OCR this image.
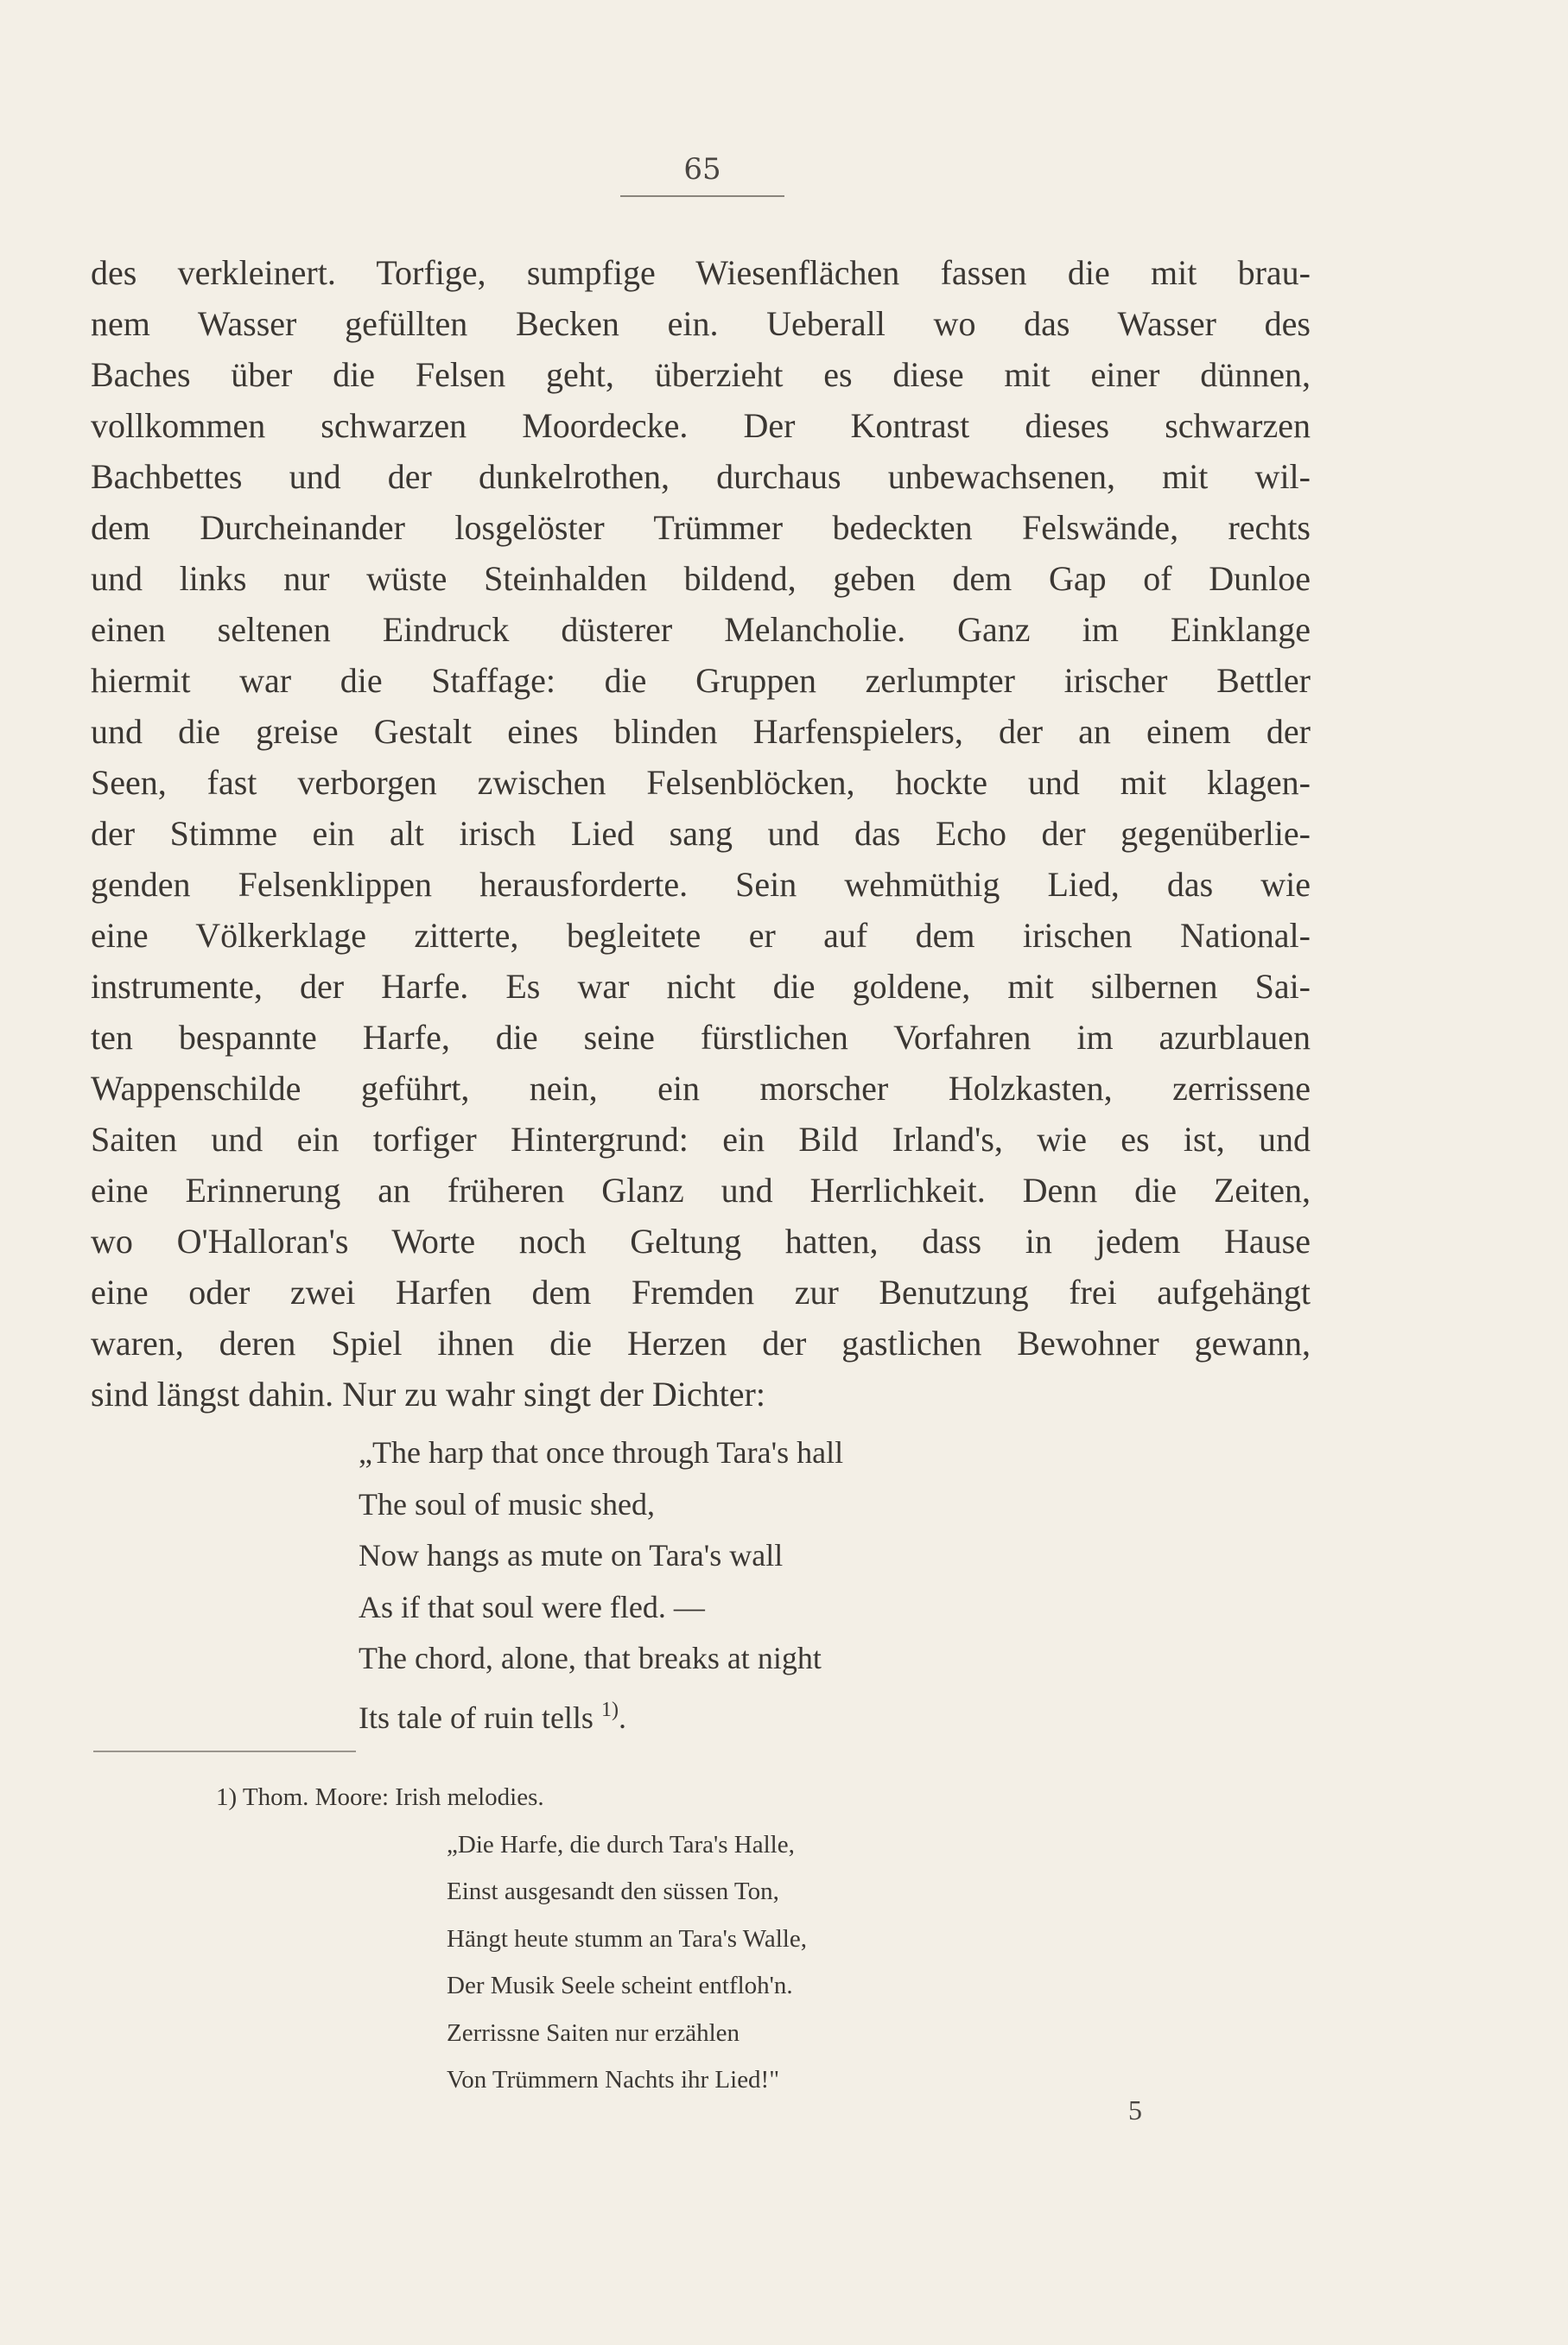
65
des verkleinert. Torfige, sumpfige Wiesenflächen fassen die mit brau-
nem Wasser gefüllten Becken ein. Ueberall wo das Wasser des
Baches über die Felsen geht, überzieht es diese mit einer dünnen,
vollkommen schwarzen Moordecke. Der Kontrast dieses schwarzen
Bachbettes und der dunkelrothen, durchaus unbewachsenen, mit wil-
dem Durcheinander losgelöster Trümmer bedeckten Felswände, rechts
und links nur wüste Steinhalden bildend, geben dem Gap of Dunloe
einen seltenen Eindruck düsterer Melancholie. Ganz im Einklange
hiermit war die Staffage: die Gruppen zerlumpter irischer Bettler
und die greise Gestalt eines blinden Harfenspielers, der an einem der
Seen, fast verborgen zwischen Felsenblöcken, hockte und mit klagen-
der Stimme ein alt irisch Lied sang und das Echo der gegenüberlie-
genden Felsenklippen herausforderte. Sein wehmüthig Lied, das wie
eine Völkerklage zitterte, begleitete er auf dem irischen National-
instrumente, der Harfe. Es war nicht die goldene, mit silbernen Sai-
ten bespannte Harfe, die seine fürstlichen Vorfahren im azurblauen
Wappenschilde geführt, nein, ein morscher Holzkasten, zerrissene
Saiten und ein torfiger Hintergrund: ein Bild Irland's, wie es ist, und
eine Erinnerung an früheren Glanz und Herrlichkeit. Denn die Zeiten,
wo O'Halloran's Worte noch Geltung hatten, dass in jedem Hause
eine oder zwei Harfen dem Fremden zur Benutzung frei aufgehängt
waren, deren Spiel ihnen die Herzen der gastlichen Bewohner gewann,
sind längst dahin. Nur zu wahr singt der Dichter:
„The harp that once through Tara's hall
The soul of music shed,
Now hangs as mute on Tara's wall
As if that soul were fled. —
The chord, alone, that breaks at night
Its tale of ruin tells $^{1)}$.
1) Thom. Moore: Irish melodies.
„Die Harfe, die durch Tara's Halle,
Einst ausgesandt den süssen Ton,
Hängt heute stumm an Tara's Walle,
Der Musik Seele scheint entfloh'n.
Zerrissne Saiten nur erzählen
Von Trümmern Nachts ihr Lied!"
5
